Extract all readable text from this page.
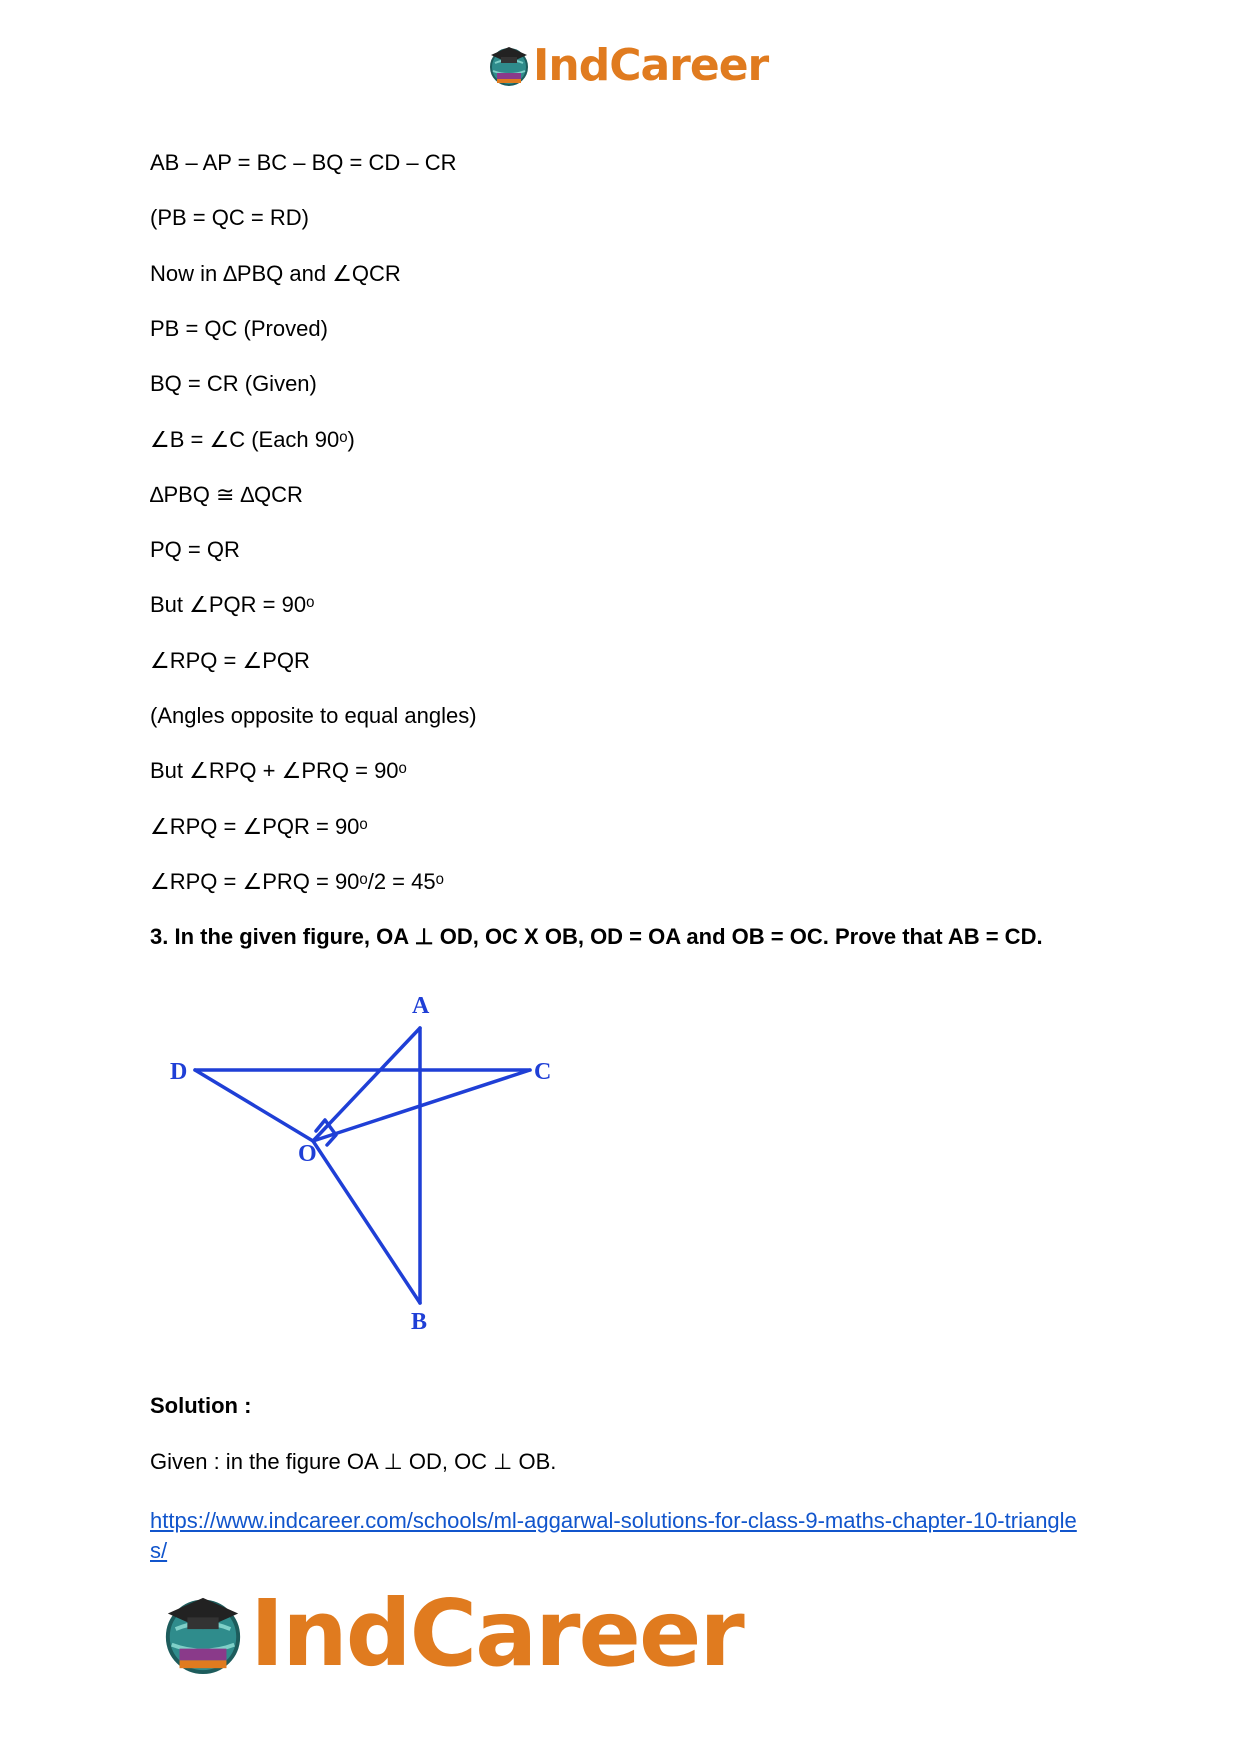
IndCareer
AB – AP = BC – BQ = CD – CR
(PB = QC = RD)
Now in ∆PBQ and ∠QCR
PB = QC (Proved)
BQ = CR (Given)
∠B = ∠C (Each 90ᵒ)
∆PBQ ≅ ∆QCR
PQ = QR
But ∠PQR = 90ᵒ
∠RPQ = ∠PQR
(Angles opposite to equal angles)
But ∠RPQ + ∠PRQ = 90ᵒ
∠RPQ = ∠PQR = 90ᵒ
∠RPQ = ∠PRQ = 90ᵒ/2 = 45ᵒ
3. In the given figure, OA ⊥ OD, OC X OB, OD = OA and OB = OC. Prove that AB = CD.
Solution :
Given : in the figure OA ⊥ OD, OC ⊥ OB.
A
D	C
O
B
https://www.indcareer.com/schools/ml-aggarwal-solutions-for-class-9-maths-chapter-10-triangles/
IndCareer
